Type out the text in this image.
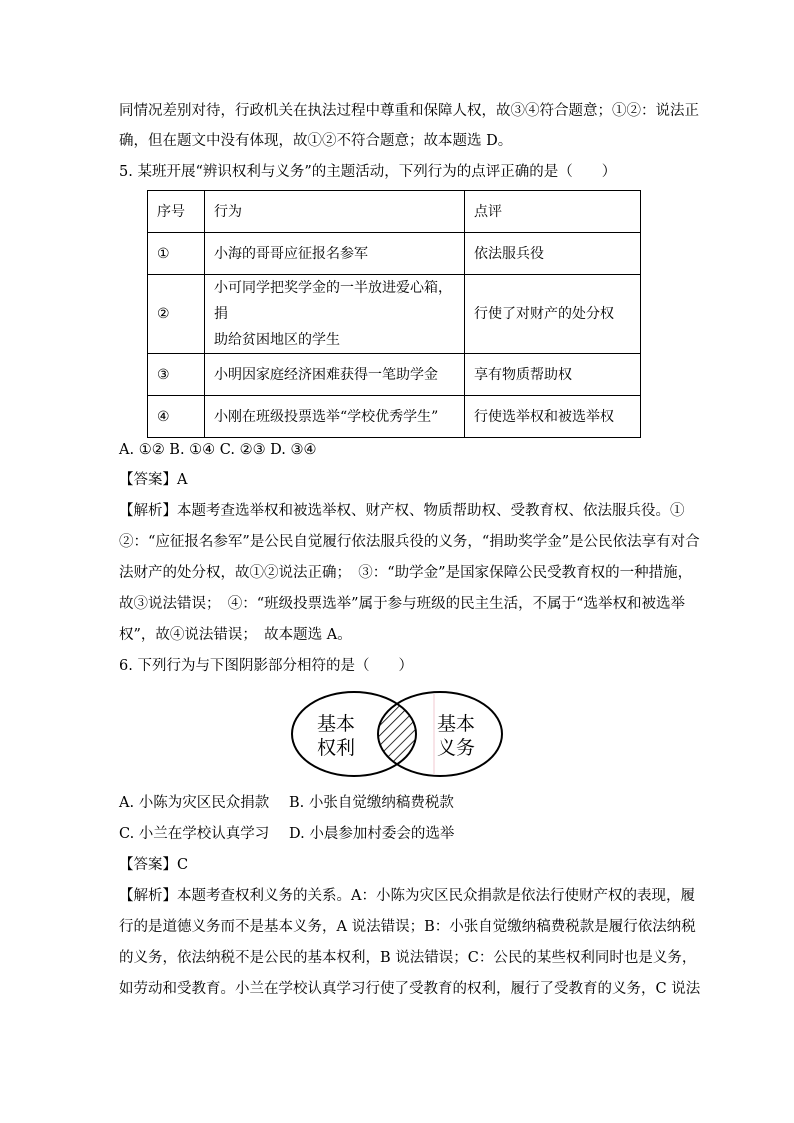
同情况差别对待，行政机关在执法过程中尊重和保障人权，故③④符合题意；①②：说法正
确，但在题文中没有体现，故①②不符合题意；故本题选 D。
5. 某班开展“辨识权利与义务”的主题活动，下列行为的点评正确的是（　　）
序号	行为	点评
①	小海的哥哥应征报名参军	依法服兵役
②	小可同学把奖学金的一半放进爱心箱，捐
助给贫困地区的学生	行使了对财产的处分权
③	小明因家庭经济困难获得一笔助学金	享有物质帮助权
④	小刚在班级投票选举“学校优秀学生”	行使选举权和被选举权
A. ①② B. ①④ C. ②③ D. ③④
【答案】A
【解析】本题考查选举权和被选举权、财产权、物质帮助权、受教育权、依法服兵役。①
②：“应征报名参军”是公民自觉履行依法服兵役的义务，“捐助奖学金”是公民依法享有对合
法财产的处分权，故①②说法正确；　③：“助学金”是国家保障公民受教育权的一种措施，
故③说法错误；　④：“班级投票选举”属于参与班级的民主生活，不属于“选举权和被选举
权”，故④说法错误；　故本题选 A。
6. 下列行为与下图阴影部分相符的是（　　）
基本
权利
基本
义务
A. 小陈为灾区民众捐款 B. 小张自觉缴纳稿费税款
C. 小兰在学校认真学习 D. 小晨参加村委会的选举
【答案】C
【解析】本题考查权利义务的关系。A：小陈为灾区民众捐款是依法行使财产权的表现，履
行的是道德义务而不是基本义务，A 说法错误；B：小张自觉缴纳稿费税款是履行依法纳税
的义务，依法纳税不是公民的基本权利，B 说法错误；C：公民的某些权利同时也是义务，
如劳动和受教育。小兰在学校认真学习行使了受教育的权利，履行了受教育的义务，C 说法
